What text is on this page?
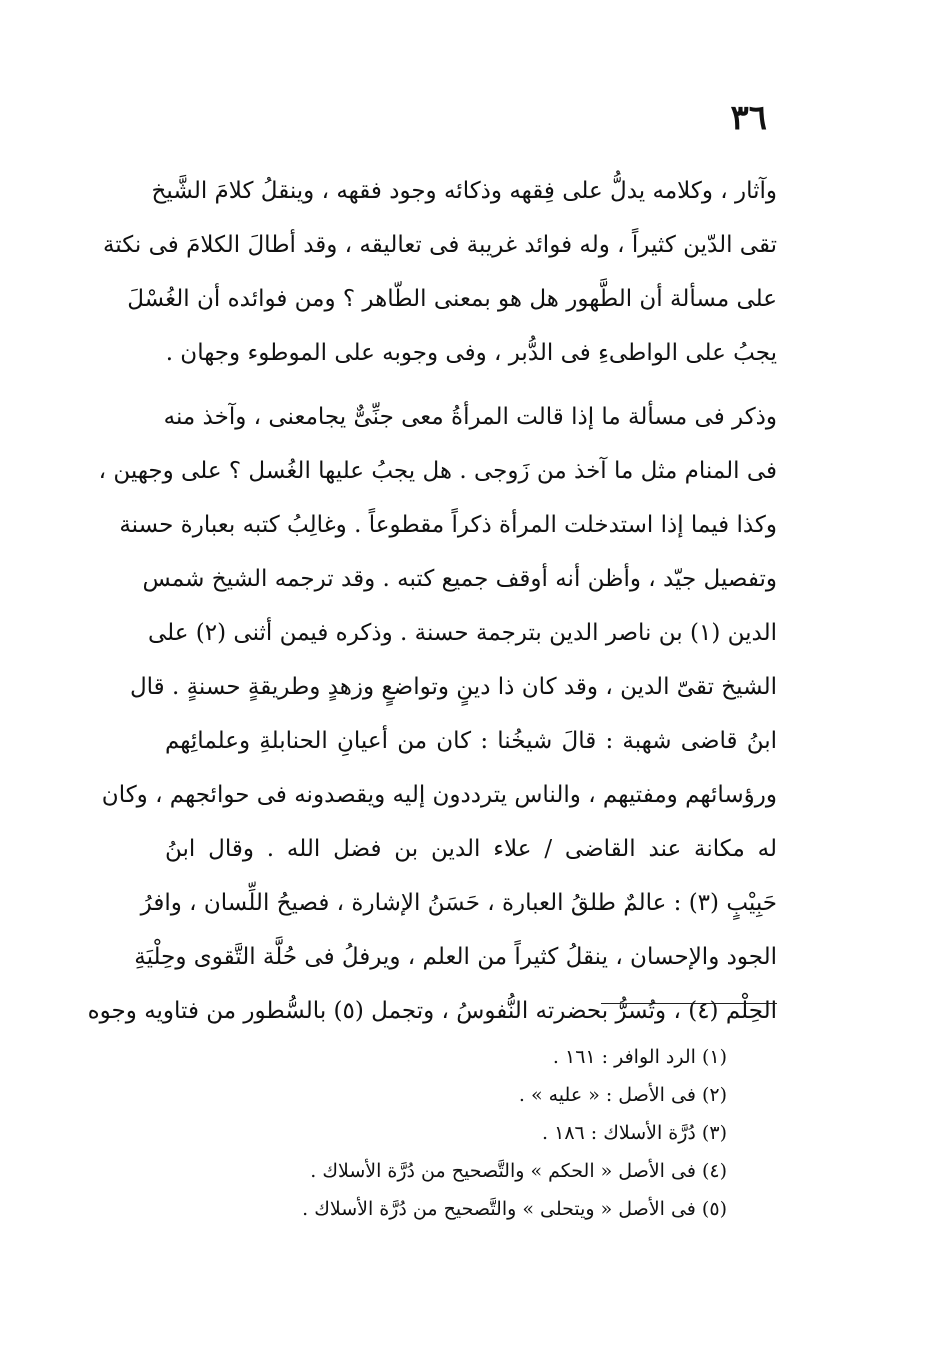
٣٦
وآثار ، وكلامه يدلُّ على فِقهه وذكائه وجود فقهه ، وينقلُ كلامَ الشَّيخ
تقى الدّين كثيراً ، وله فوائد غريبة فى تعاليقه ، وقد أطالَ الكلامَ فى نكتة
على مسألة أن الطَّهور هل هو بمعنى الطّاهر ؟ ومن فوائده أن الغُسْلَ
يجبُ على الواطىءِ فى الدُّبر ، وفى وجوبه على الموطوء وجهان .
وذكر فى مسألة ما إذا قالت المرأةُ معى جنِّىٌّ يجامعنى ، وآخذ منه
فى المنام مثل ما آخذ من زَوجى . هل يجبُ عليها الغُسل ؟ على وجهين ،
وكذا فيما إذا استدخلت المرأة ذكراً مقطوعاً . وغالِبُ كتبه بعبارة حسنة
وتفصيل جيّد ، وأظن أنه أوقف جميع كتبه . وقد ترجمه الشيخ شمس
الدين (١) بن ناصر الدين بترجمة حسنة . وذكره فيمن أثنى (٢) على
الشيخ تقىّ الدين ، وقد كان ذا دينٍ وتواضعٍ وزهدٍ وطريقةٍ حسنةٍ . قال
ابنُ قاضى شهبة : قالَ شيخُنا : كان من أعيانِ الحنابلةِ وعلمائِهم
ورؤسائهم ومفتيهم ، والناس يترددون إليه ويقصدونه فى حوائجهم ، وكان
له مكانة عند القاضى / علاء الدين بن فضل الله . وقال ابنُ
حَبِيْبٍ (٣) : عالمٌ طلقُ العبارة ، حَسَنُ الإشارة ، فصيحُ اللِّسان ، وافرُ
الجود والإحسان ، ينقلُ كثيراً من العلم ، ويرفلُ فى حُلَّة التَّقوى وحِلْيَةِ
الحِلْم (٤) ، وتُسرُّ بحضرته النُّفوسُ ، وتجمل (٥) بالسُّطور من فتاويه وجوه
(١) الرد الوافر : ١٦١ .
(٢) فى الأصل : « عليه » .
(٣) دُرَّة الأسلاك : ١٨٦ .
(٤) فى الأصل « الحكم » والتَّصحيح من دُرَّة الأسلاك .
(٥) فى الأصل « ويتحلى » والتَّصحيح من دُرَّة الأسلاك .
